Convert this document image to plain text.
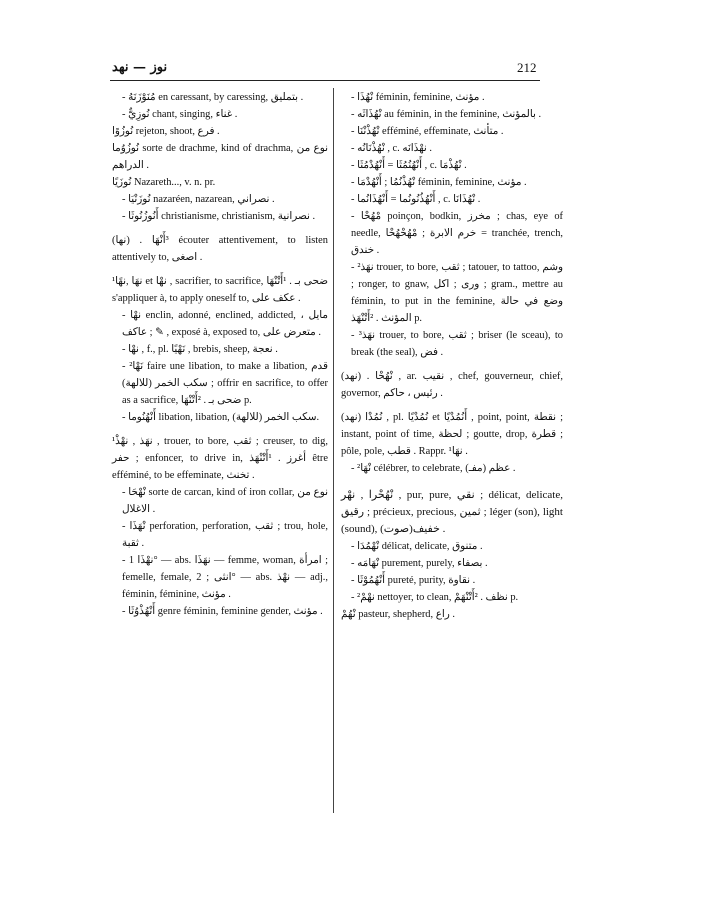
نوز — نهد	212
- مُنَوْزَنَهُ en caressant, by caressing, بتمليق .
- نُوزِيٌّ chant, singing, غناء .
نُوزُوًا rejeton, shoot, فرع .
نُوزُوُما sorte de drachme, kind of drachma, نوع من الدراهم .
نُوزَيًا Nazareth..., v. n. pr.
- نُوزَنْيَا nazaréen, nazarean, نصراني .
- أَنُوزُنُوثَا christianisme, christianism, نصرانية .
(نها) . ³أَنْهَا écouter attentivement, to listen attentively to, اصغى .
¹نهَا ,نهًا et نهْا , sacrifier, to sacrifice, ضحى بـ . ¹أَتْنْهَا s'appliquer à, to apply oneself to, عكف على .
- نهْا enclin, adonné, enclined, addicted, مايل ، عاكف ; ✎ , exposé à, exposed to, متعرض على .
- نهْا , f., pl. نَهْيًا , brebis, sheep, نعجة .
- ²نَهْا faire une libation, to make a libation, قدم سكب الخمر (للالهة) ; offrir en sacrifice, to offer as a sacrifice, ضحى بـ . ²أَتْنْهَا p.
- أَنْهُنُوما libation, libation, سكب الخمر (للالهة).
¹نهَذ , نهْذْ , trouer, to bore, ثقب ; creuser, to dig, حفر ; enfoncer, to drive in, أغرز . ¹أَتْنْهَذ être efféminé, to be effeminate, تخنث .
- نْهْحَا sorte de carcan, kind of iron collar, نوع من الاغلال .
- نْهَذَا perforation, perforation, ثقب ; trou, hole, ثقبة .
- نهْذَا 1° — abs. نهَذَا — femme, woman, امرأة ; femelle, female, انثى ; 2° — abs. نهْذ — adj., féminin, féminine, مؤنث .
- أَنْهُذْوُثَا genre féminin, feminine gender, مؤنث .
- نْهُذَا féminin, feminine, مؤنث .
- نْهُذَاثَه au féminin, in the feminine, بالمؤنث .
- نْهُذْنْنَا efféminé, effeminate, متأنث .
- نْهُذْنَانُه , c. نهْذَانَه .
- أَنْهُنُمُثَا = أَنْهُدْمُثَا , c. نْهُذْمَا .
- نْهُذْنُمُا ; أَنْهُدْمَا féminin, feminine, مؤنث .
- أَنْهُذُنُونُما = أَنْهُذَانُما , c. نْهُذَانَا .
- مْهُحْا poinçon, bodkin, مخرز ; chas, eye of needle, خرم الابرة ; مْهُحْهُحْا = tranchée, trench, خندق .
- ²نهَذ trouer, to bore, ثقب ; tatouer, to tattoo, وشم ; ronger, to gnaw, ورى ; اكل ; gram., mettre au féminin, to put in the feminine, وضع في حالة المؤنث . ²أَتْنْهَذ p.
- ³نهَذ trouer, to bore, ثقب ; briser (le sceau), to break (the seal), فض .
(نهد) . نْهُحْا , ar. نقيب , chef, gouverneur, chief, governor, رئيس ، حاكم .
(نهد) نُمُدْا , pl. نُمُدْيًا et أَنُمُدْيًا , point, point, نقطة ; instant, point of time, لحظة ; goutte, drop, قطرة ; pôle, pole, قطب . Rappr. ¹نهَا .
- ²نْهَا célébrer, to celebrate, عظم (مفـ) .
نْهُحْرا , نهْر , pur, pure, نقي ; délicat, delicate, رقيق ; précieux, precious, ثمين ; léger (son), light (sound), خفيف(صوت) .
- نْهْمُدَا délicat, delicate, متنوق .
- نْهَامَه purement, purely, بصفاء .
- أَنْهُمُوْثَا pureté, purity, نقاوة .
- ²نهْمْ nettoyer, to clean, نظف . ²أَتْنْهَمْ p.
نْهُمْ pasteur, shepherd, راع .
